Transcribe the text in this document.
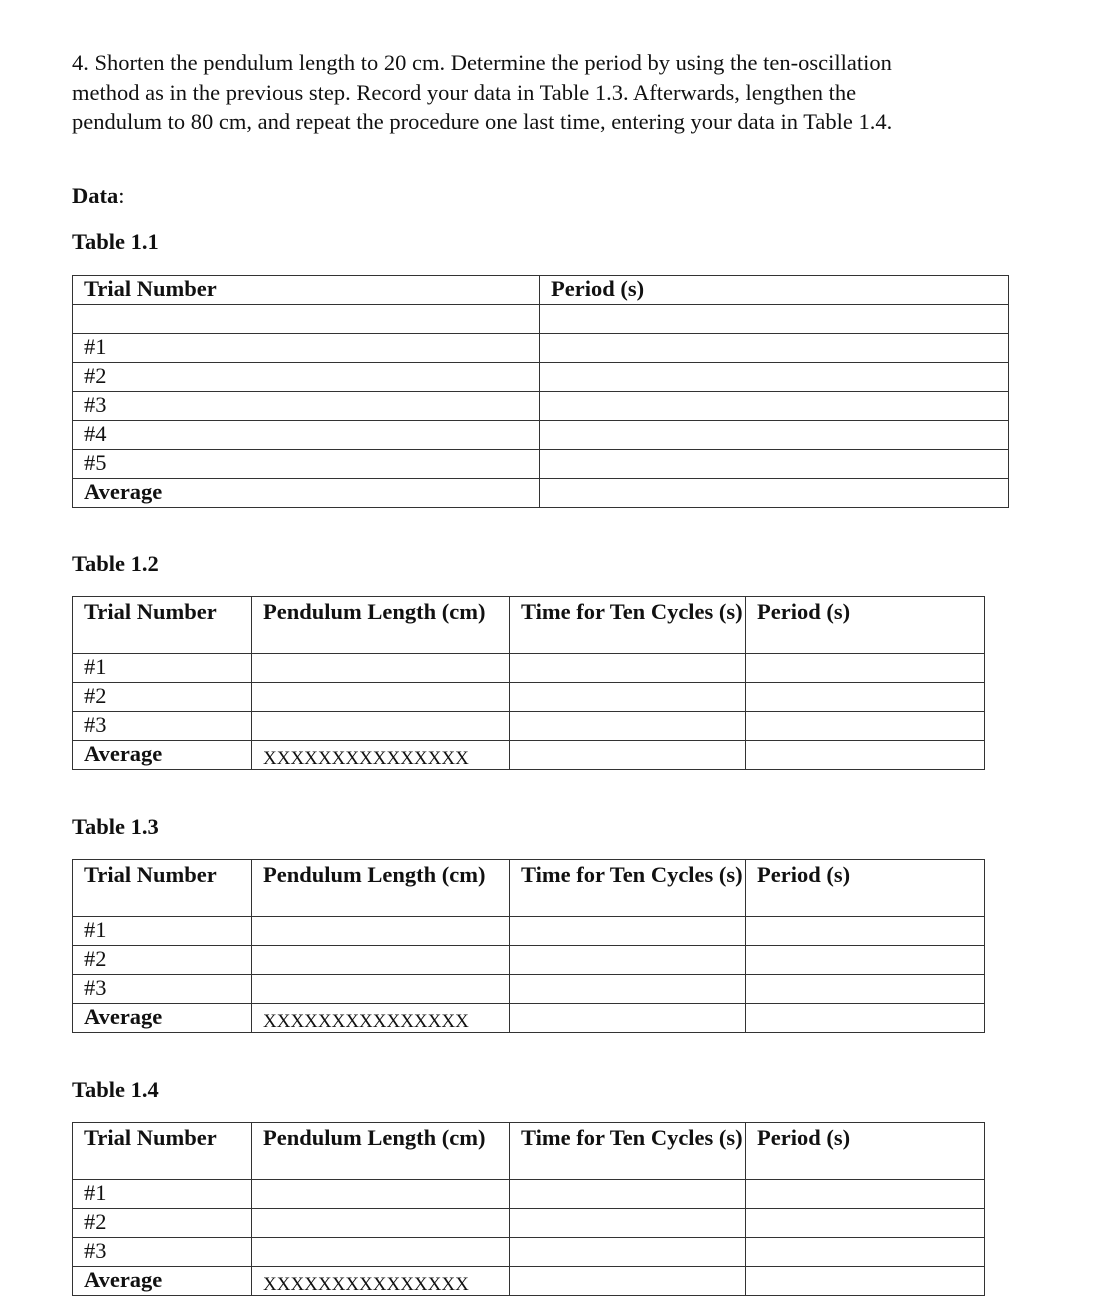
4. Shorten the pendulum length to 20 cm. Determine the period by using the ten-oscillation

method as in the previous step. Record your data in Table 1.3. Afterwards, lengthen the

pendulum to 80 cm, and repeat the procedure one last time, entering your data in Table 1.4.

Data:
Table 1.1
Trial Number	Period (s)

#1	
#2	
#3	
#4	
#5	
Average	
Table 1.2
Trial Number	Pendulum Length (cm)	Time for Ten Cycles (s)	Period (s)
#1			
#2			
#3			
Average	XXXXXXXXXXXXXXX		
Table 1.3
Trial Number	Pendulum Length (cm)	Time for Ten Cycles (s)	Period (s)
#1			
#2			
#3			
Average	XXXXXXXXXXXXXXX		
Table 1.4
Trial Number	Pendulum Length (cm)	Time for Ten Cycles (s)	Period (s)
#1			
#2			
#3			
Average	XXXXXXXXXXXXXXX		
